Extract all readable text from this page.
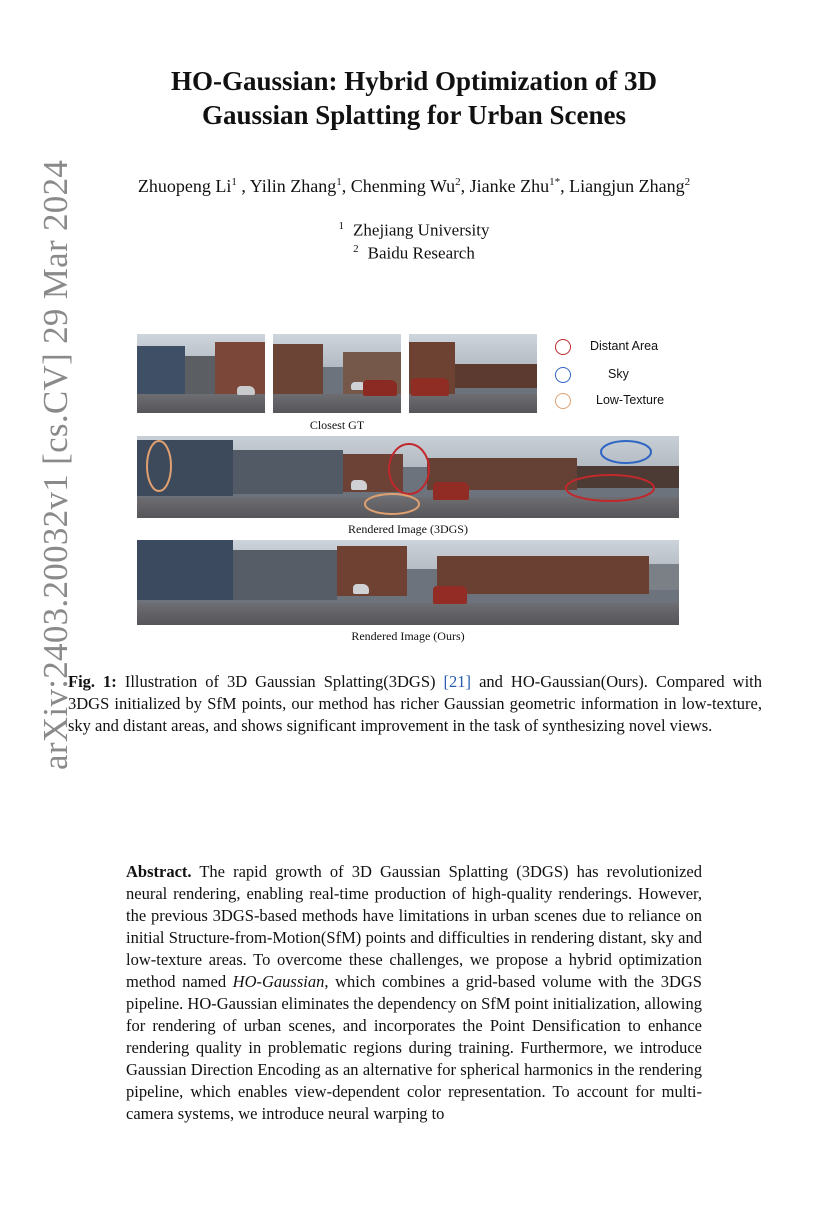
arXiv:2403.20032v1 [cs.CV] 29 Mar 2024
HO-Gaussian: Hybrid Optimization of 3D
Gaussian Splatting for Urban Scenes
Zhuopeng Li$^1$ , Yilin Zhang$^1$, Chenming Wu$^2$, Jianke Zhu$^{1*}$, Liangjun Zhang$^2$
$^1$ Zhejiang University
$^2$ Baidu Research
Distant Area
Sky
Low-Texture
Closest GT
Rendered Image (3DGS)
Rendered Image (Ours)

Fig. 1: Illustration of 3D Gaussian Splatting(3DGS) [21] and HO-Gaussian(Ours). Compared with 3DGS initialized by SfM points, our method has richer Gaussian geometric information in low-texture, sky and distant areas, and shows significant improvement in the task of synthesizing novel views.

Abstract. The rapid growth of 3D Gaussian Splatting (3DGS) has revolutionized neural rendering, enabling real-time production of high-quality renderings. However, the previous 3DGS-based methods have limitations in urban scenes due to reliance on initial Structure-from-Motion(SfM) points and difficulties in rendering distant, sky and low-texture areas. To overcome these challenges, we propose a hybrid optimization method named HO-Gaussian, which combines a grid-based volume with the 3DGS pipeline. HO-Gaussian eliminates the dependency on SfM point initialization, allowing for rendering of urban scenes, and incorporates the Point Densification to enhance rendering quality in problematic regions during training. Furthermore, we introduce Gaussian Direction Encoding as an alternative for spherical harmonics in the rendering pipeline, which enables view-dependent color representation. To account for multi-camera systems, we introduce neural warping to
